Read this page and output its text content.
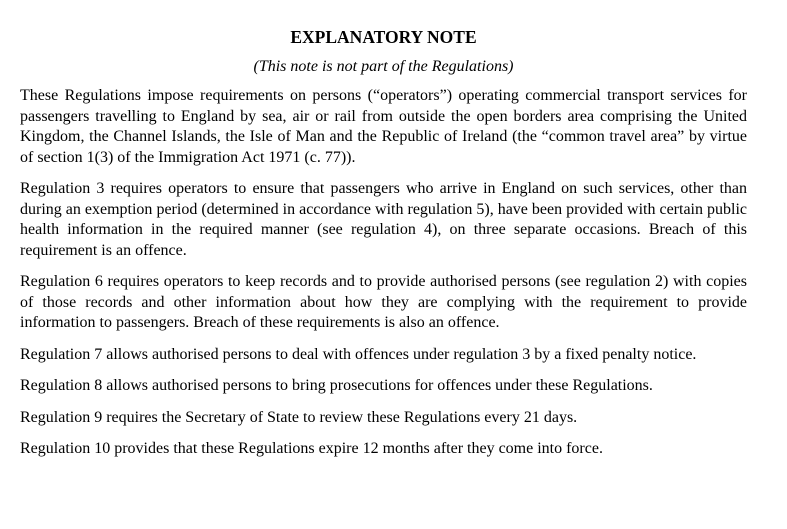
EXPLANATORY NOTE

(This note is not part of the Regulations)

These Regulations impose requirements on persons (“operators”) operating commercial transport services for passengers travelling to England by sea, air or rail from outside the open borders area comprising the United Kingdom, the Channel Islands, the Isle of Man and the Republic of Ireland (the “common travel area” by virtue of section 1(3) of the Immigration Act 1971 (c. 77)).

Regulation 3 requires operators to ensure that passengers who arrive in England on such services, other than during an exemption period (determined in accordance with regulation 5), have been provided with certain public health information in the required manner (see regulation 4), on three separate occasions. Breach of this requirement is an offence.

Regulation 6 requires operators to keep records and to provide authorised persons (see regulation 2) with copies of those records and other information about how they are complying with the requirement to provide information to passengers. Breach of these requirements is also an offence.

Regulation 7 allows authorised persons to deal with offences under regulation 3 by a fixed penalty notice.

Regulation 8 allows authorised persons to bring prosecutions for offences under these Regulations.

Regulation 9 requires the Secretary of State to review these Regulations every 21 days.

Regulation 10 provides that these Regulations expire 12 months after they come into force.
